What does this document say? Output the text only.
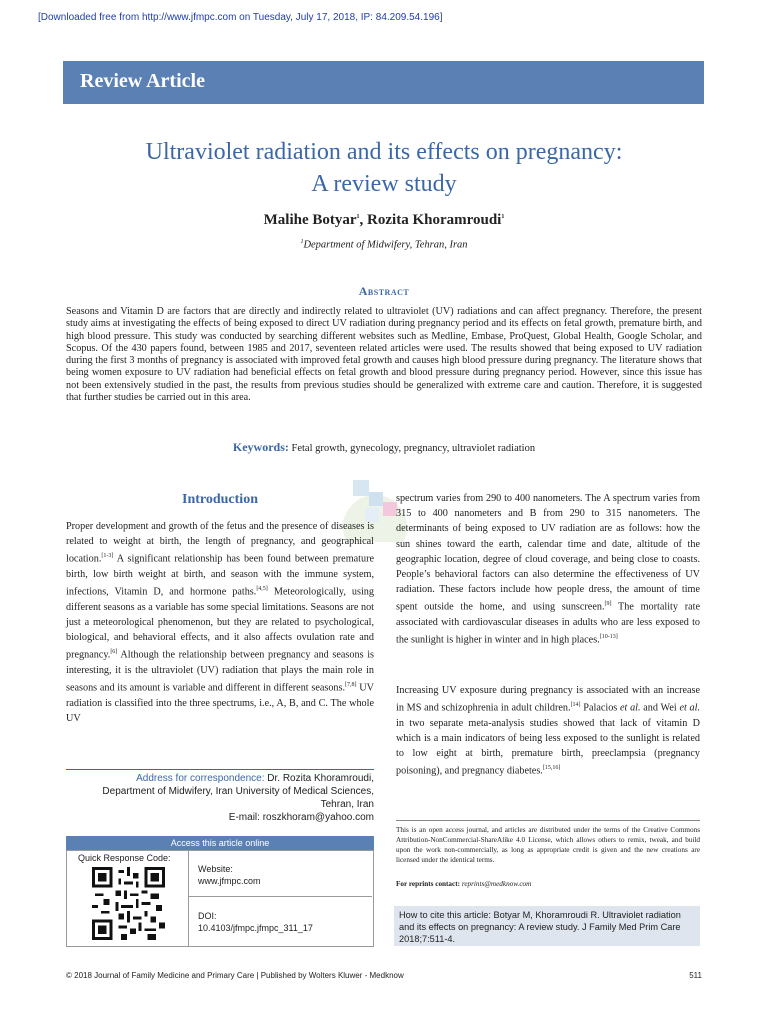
[Downloaded free from http://www.jfmpc.com on Tuesday, July 17, 2018, IP: 84.209.54.196]
Review Article
Ultraviolet radiation and its effects on pregnancy:
A review study
Malihe Botyar$^1$, Rozita Khoramroudi$^1$
$^1$Department of Midwifery, Tehran, Iran
Abstract
Seasons and Vitamin D are factors that are directly and indirectly related to ultraviolet (UV) radiations and can affect pregnancy. Therefore, the present study aims at investigating the effects of being exposed to direct UV radiation during pregnancy period and its effects on fetal growth, premature birth, and high blood pressure. This study was conducted by searching different websites such as Medline, Embase, ProQuest, Global Health, Google Scholar, and Scopus. Of the 430 papers found, between 1985 and 2017, seventeen related articles were used. The results showed that being exposed to UV radiation during the first 3 months of pregnancy is associated with improved fetal growth and causes high blood pressure during pregnancy. The literature shows that being women exposure to UV radiation had beneficial effects on fetal growth and blood pressure during pregnancy period. However, since this issue has not been extensively studied in the past, the results from previous studies should be generalized with extreme care and caution. Therefore, it is suggested that further studies be carried out in this area.
Keywords: Fetal growth, gynecology, pregnancy, ultraviolet radiation
Introduction
Proper development and growth of the fetus and the presence of diseases is related to weight at birth, the length of pregnancy, and geographical location.[1-3] A significant relationship has been found between premature birth, low birth weight at birth, and season with the immune system, infections, Vitamin D, and hormone paths.[4,5] Meteorologically, using different seasons as a variable has some special limitations. Seasons are not just a meteorological phenomenon, but they are related to psychological, biological, and behavioral effects, and it also affects ovulation rate and pregnancy.[6] Although the relationship between pregnancy and seasons is interesting, it is the ultraviolet (UV) radiation that plays the main role in seasons and its amount is variable and different in different seasons.[7,8] UV radiation is classified into the three spectrums, i.e., A, B, and C. The whole UV
spectrum varies from 290 to 400 nanometers. The A spectrum varies from 315 to 400 nanometers and B from 290 to 315 nanometers. The determinants of being exposed to UV radiation are as follows: how the sun shines toward the earth, calendar time and date, altitude of the geographic location, degree of cloud coverage, and being close to coasts. People’s behavioral factors can also determine the effectiveness of UV radiation. These factors include how people dress, the amount of time spent outside the home, and using sunscreen.[9] The mortality rate associated with cardiovascular diseases in adults who are less exposed to the sunlight is higher in winter and in high places.[10-13]
Increasing UV exposure during pregnancy is associated with an increase in MS and schizophrenia in adult children.[14] Palacios et al. and Wei et al. in two separate meta-analysis studies showed that lack of vitamin D which is a main indicators of being less exposed to the sunlight is related to low eight at birth, premature birth, preeclampsia (pregnancy poisoning), and pregnancy diabetes.[15,16]
Address for correspondence: Dr. Rozita Khoramroudi,
Department of Midwifery, Iran University of Medical Sciences,
Tehran, Iran
E-mail: roszkhoram@yahoo.com
Access this article online
Quick Response Code:
Website:
www.jfmpc.com
DOI:
10.4103/jfmpc.jfmpc_311_17
This is an open access journal, and articles are distributed under the terms of the Creative Commons Attribution-NonCommercial-ShareAlike 4.0 License, which allows others to remix, tweak, and build upon the work non-commercially, as long as appropriate credit is given and the new creations are licensed under the identical terms.
For reprints contact: reprints@medknow.com
How to cite this article: Botyar M, Khoramroudi R. Ultraviolet radiation and its effects on pregnancy: A review study. J Family Med Prim Care 2018;7:511-4.
© 2018 Journal of Family Medicine and Primary Care | Published by Wolters Kluwer - Medknow	511
